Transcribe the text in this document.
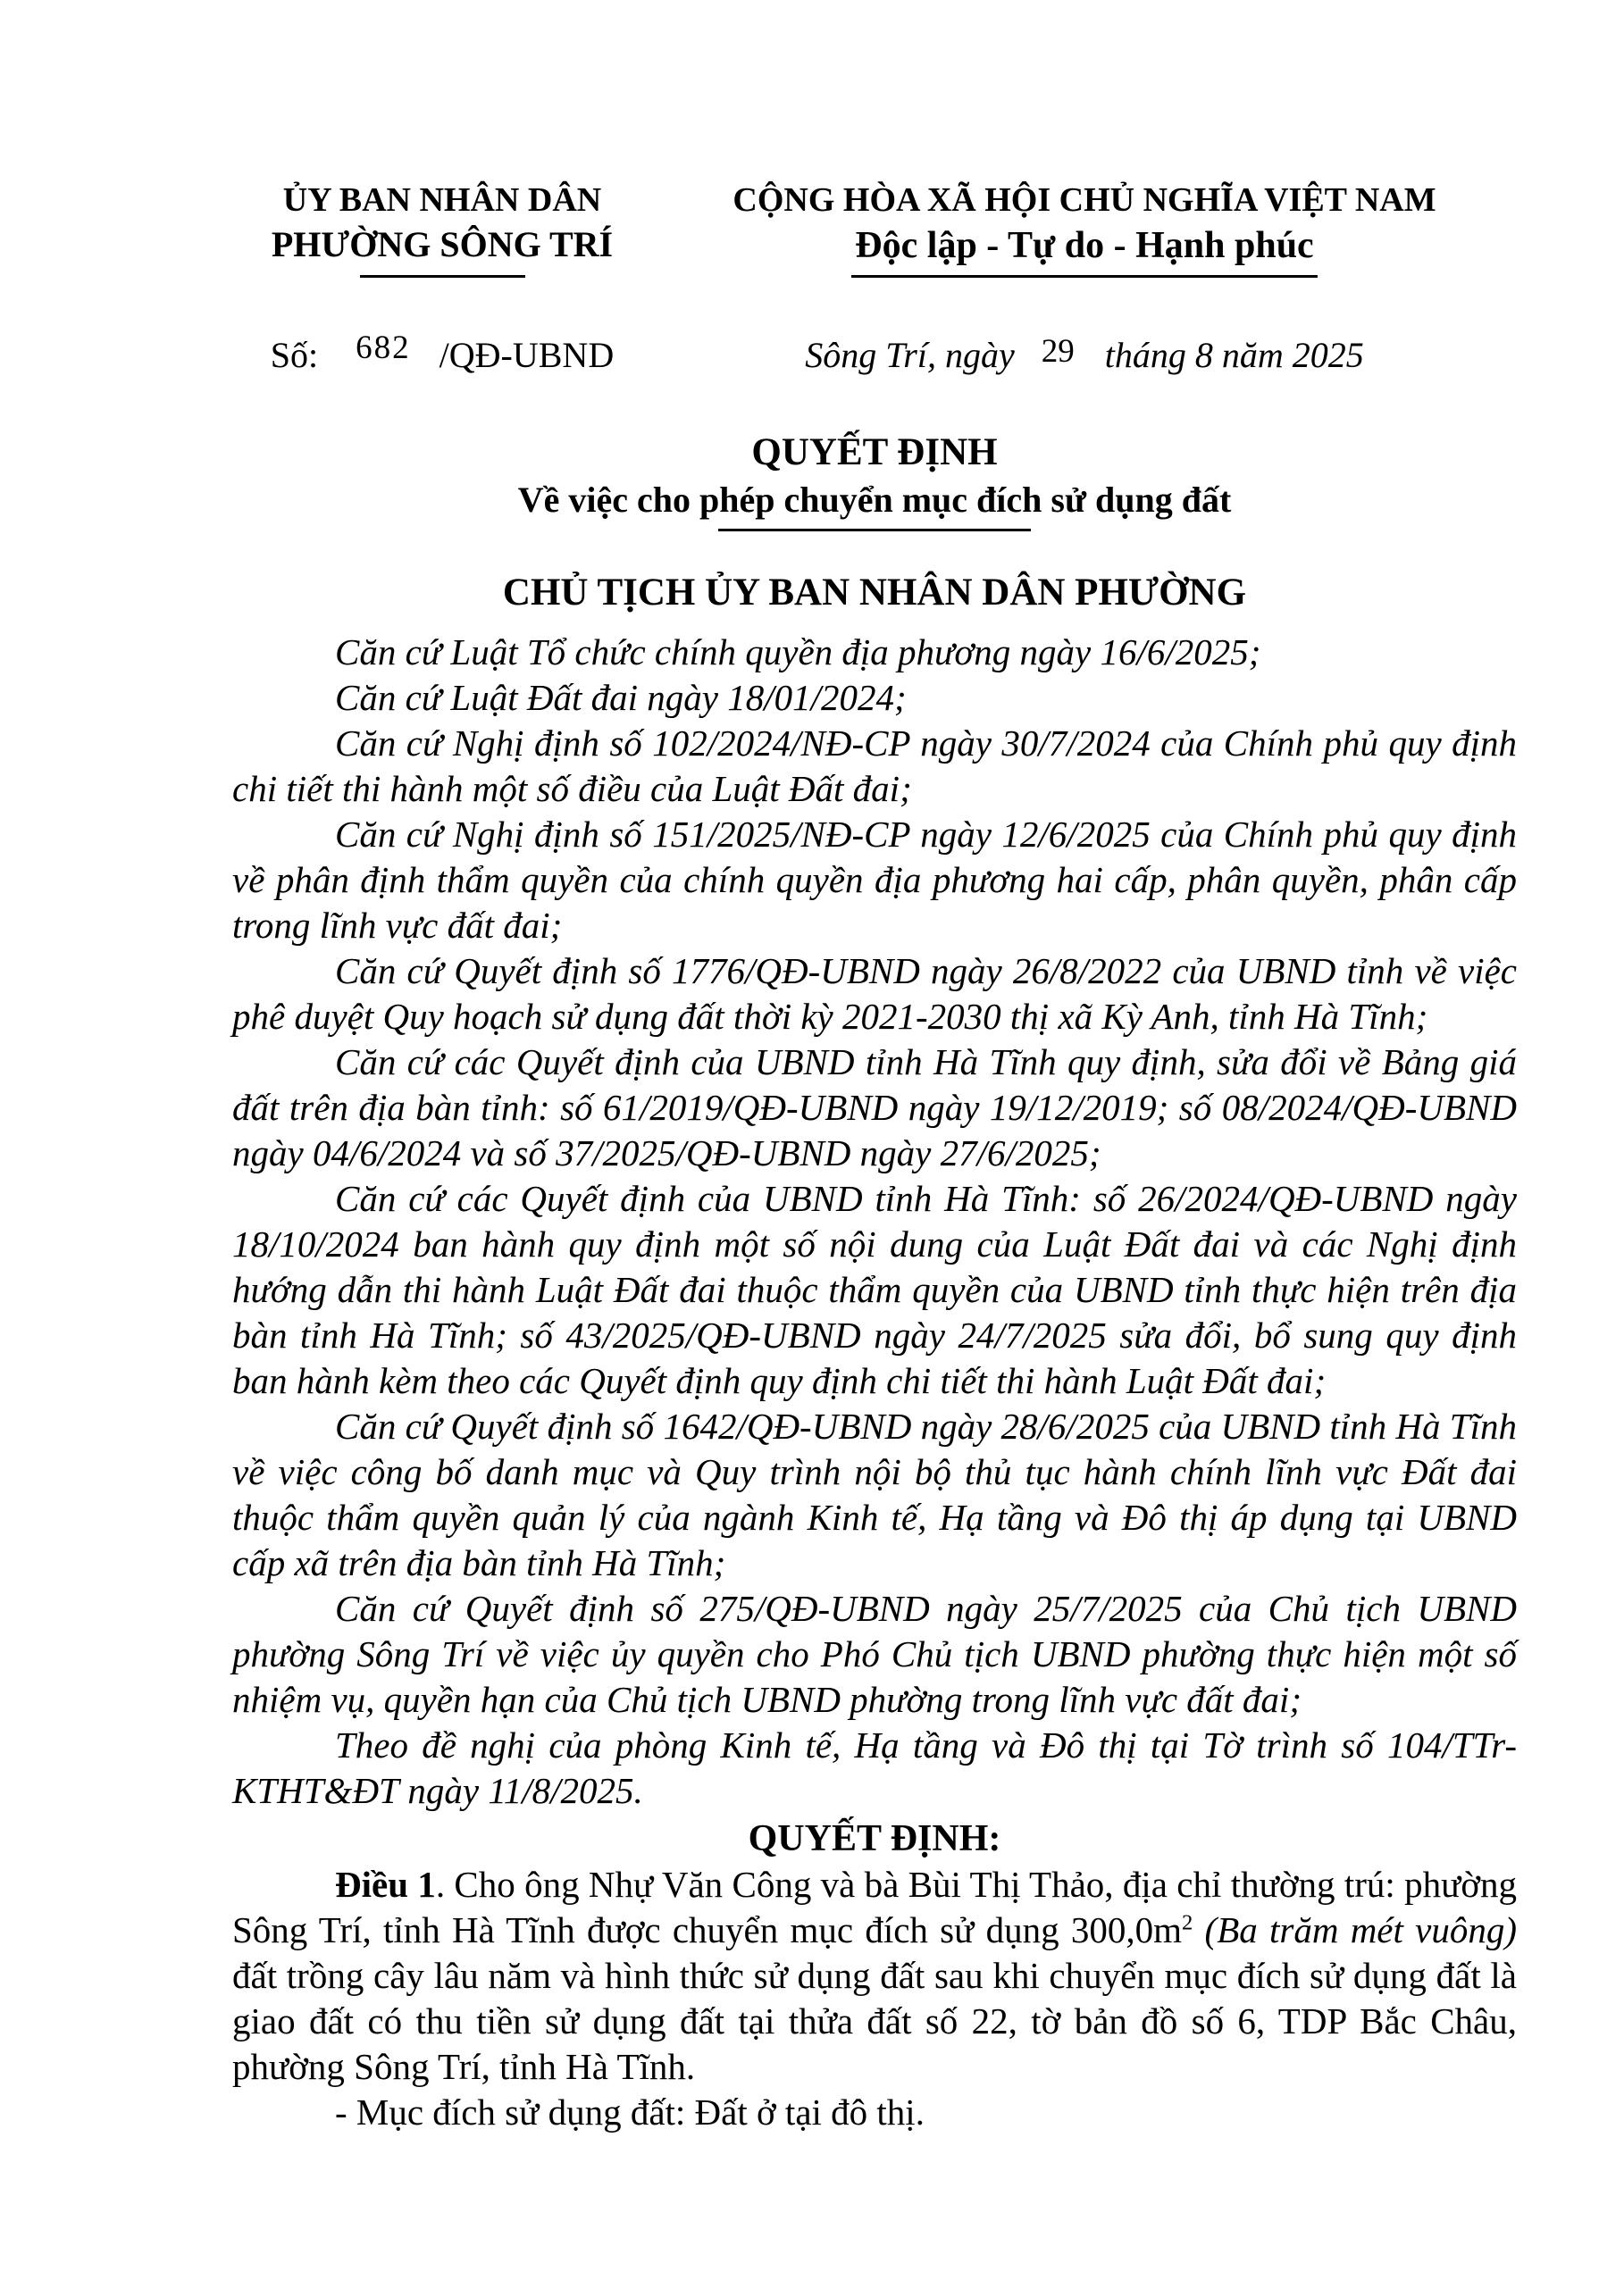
ỦY BAN NHÂN DÂN
PHƯỜNG SÔNG TRÍ
CỘNG HÒA XÃ HỘI CHỦ NGHĨA VIỆT NAM
Độc lập - Tự do - Hạnh phúc
Số: 682 /QĐ-UBND	Sông Trí, ngày 29 tháng 8 năm 2025
QUYẾT ĐỊNH
Về việc cho phép chuyển mục đích sử dụng đất
CHỦ TỊCH ỦY BAN NHÂN DÂN PHƯỜNG

Căn cứ Luật Tổ chức chính quyền địa phương ngày 16/6/2025;

Căn cứ Luật Đất đai ngày 18/01/2024;

Căn cứ Nghị định số 102/2024/NĐ-CP ngày 30/7/2024 của Chính phủ quy định chi tiết thi hành một số điều của Luật Đất đai;

Căn cứ Nghị định số 151/2025/NĐ-CP ngày 12/6/2025 của Chính phủ quy định về phân định thẩm quyền của chính quyền địa phương hai cấp, phân quyền, phân cấp trong lĩnh vực đất đai;

Căn cứ Quyết định số 1776/QĐ-UBND ngày 26/8/2022 của UBND tỉnh về việc phê duyệt Quy hoạch sử dụng đất thời kỳ 2021-2030 thị xã Kỳ Anh, tỉnh Hà Tĩnh;

Căn cứ các Quyết định của UBND tỉnh Hà Tĩnh quy định, sửa đổi về Bảng giá đất trên địa bàn tỉnh: số 61/2019/QĐ-UBND ngày 19/12/2019; số 08/2024/QĐ-UBND ngày 04/6/2024 và số 37/2025/QĐ-UBND ngày 27/6/2025;

Căn cứ các Quyết định của UBND tỉnh Hà Tĩnh: số 26/2024/QĐ-UBND ngày 18/10/2024 ban hành quy định một số nội dung của Luật Đất đai và các Nghị định hướng dẫn thi hành Luật Đất đai thuộc thẩm quyền của UBND tỉnh thực hiện trên địa bàn tỉnh Hà Tĩnh; số 43/2025/QĐ-UBND ngày 24/7/2025 sửa đổi, bổ sung quy định ban hành kèm theo các Quyết định quy định chi tiết thi hành Luật Đất đai;

Căn cứ Quyết định số 1642/QĐ-UBND ngày 28/6/2025 của UBND tỉnh Hà Tĩnh về việc công bố danh mục và Quy trình nội bộ thủ tục hành chính lĩnh vực Đất đai thuộc thẩm quyền quản lý của ngành Kinh tế, Hạ tầng và Đô thị áp dụng tại UBND cấp xã trên địa bàn tỉnh Hà Tĩnh;

Căn cứ Quyết định số 275/QĐ-UBND ngày 25/7/2025 của Chủ tịch UBND phường Sông Trí về việc ủy quyền cho Phó Chủ tịch UBND phường thực hiện một số nhiệm vụ, quyền hạn của Chủ tịch UBND phường trong lĩnh vực đất đai;

Theo đề nghị của phòng Kinh tế, Hạ tầng và Đô thị tại Tờ trình số 104/TTr-KTHT&ĐT ngày 11/8/2025.

QUYẾT ĐỊNH:

Điều 1. Cho ông Nhự Văn Công và bà Bùi Thị Thảo, địa chỉ thường trú: phường Sông Trí, tỉnh Hà Tĩnh được chuyển mục đích sử dụng $300,0m^2$ (Ba trăm mét vuông) đất trồng cây lâu năm và hình thức sử dụng đất sau khi chuyển mục đích sử dụng đất là giao đất có thu tiền sử dụng đất tại thửa đất số 22, tờ bản đồ số 6, TDP Bắc Châu, phường Sông Trí, tỉnh Hà Tĩnh.

- Mục đích sử dụng đất: Đất ở tại đô thị.
